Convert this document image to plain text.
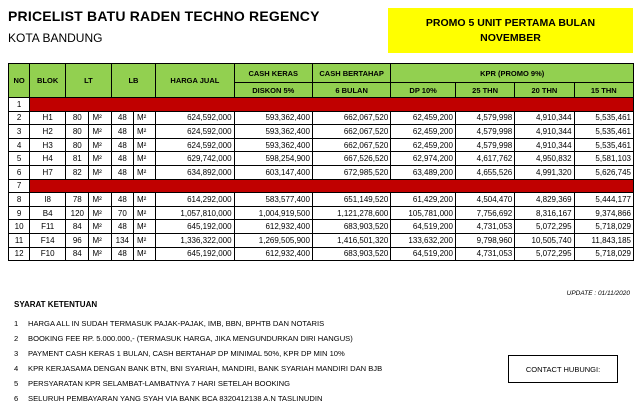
PRICELIST BATU RADEN TECHNO REGENCY
KOTA BANDUNG
PROMO 5 UNIT PERTAMA BULAN NOVEMBER
NO	BLOK	LT		LB		HARGA JUAL	CASH KERAS	CASH BERTAHAP	KPR (PROMO 9%)			
							DISKON 5%	6 BULAN	DP 10%	25 THN	20 THN	15 THN
1												

2	H1	80	M²	48	M²	624,592,000	593,362,400	662,067,520	62,459,200	4,579,998	4,910,344	5,535,461
3	H2	80	M²	48	M²	624,592,000	593,362,400	662,067,520	62,459,200	4,579,998	4,910,344	5,535,461
4	H3	80	M²	48	M²	624,592,000	593,362,400	662,067,520	62,459,200	4,579,998	4,910,344	5,535,461
5	H4	81	M²	48	M²	629,742,000	598,254,900	667,526,520	62,974,200	4,617,762	4,950,832	5,581,103
6	H7	82	M²	48	M²	634,892,000	603,147,400	672,985,520	63,489,200	4,655,526	4,991,320	5,626,745
7												

8	I8	78	M²	48	M²	614,292,000	583,577,400	651,149,520	61,429,200	4,504,470	4,829,369	5,444,177
9	B4	120	M²	70	M²	1,057,810,000	1,004,919,500	1,121,278,600	105,781,000	7,756,692	8,316,167	9,374,866
10	F11	84	M²	48	M²	645,192,000	612,932,400	683,903,520	64,519,200	4,731,053	5,072,295	5,718,029
11	F14	96	M²	134	M²	1,336,322,000	1,269,505,900	1,416,501,320	133,632,200	9,798,960	10,505,740	11,843,185
12	F10	84	M²	48	M²	645,192,000	612,932,400	683,903,520	64,519,200	4,731,053	5,072,295	5,718,029
UPDATE : 01/11/2020
SYARAT KETENTUAN
1	HARGA ALL IN SUDAH TERMASUK PAJAK-PAJAK, IMB, BBN, BPHTB DAN NOTARIS
2	BOOKING FEE RP. 5.000.000,- (TERMASUK HARGA, JIKA MENGUNDURKAN DIRI HANGUS)
3	PAYMENT CASH KERAS 1 BULAN, CASH BERTAHAP DP MINIMAL 50%, KPR DP MIN 10%
4	KPR KERJASAMA DENGAN BANK BTN, BNI SYARIAH, MANDIRI, BANK SYARIAH MANDIRI DAN BJB
5	PERSYARATAN KPR SELAMBAT-LAMBATNYA 7 HARI SETELAH BOOKING
6	SELURUH PEMBAYARAN YANG SYAH VIA BANK BCA 8320412138 A.N TASLINUDIN
CONTACT HUBUNGI:
